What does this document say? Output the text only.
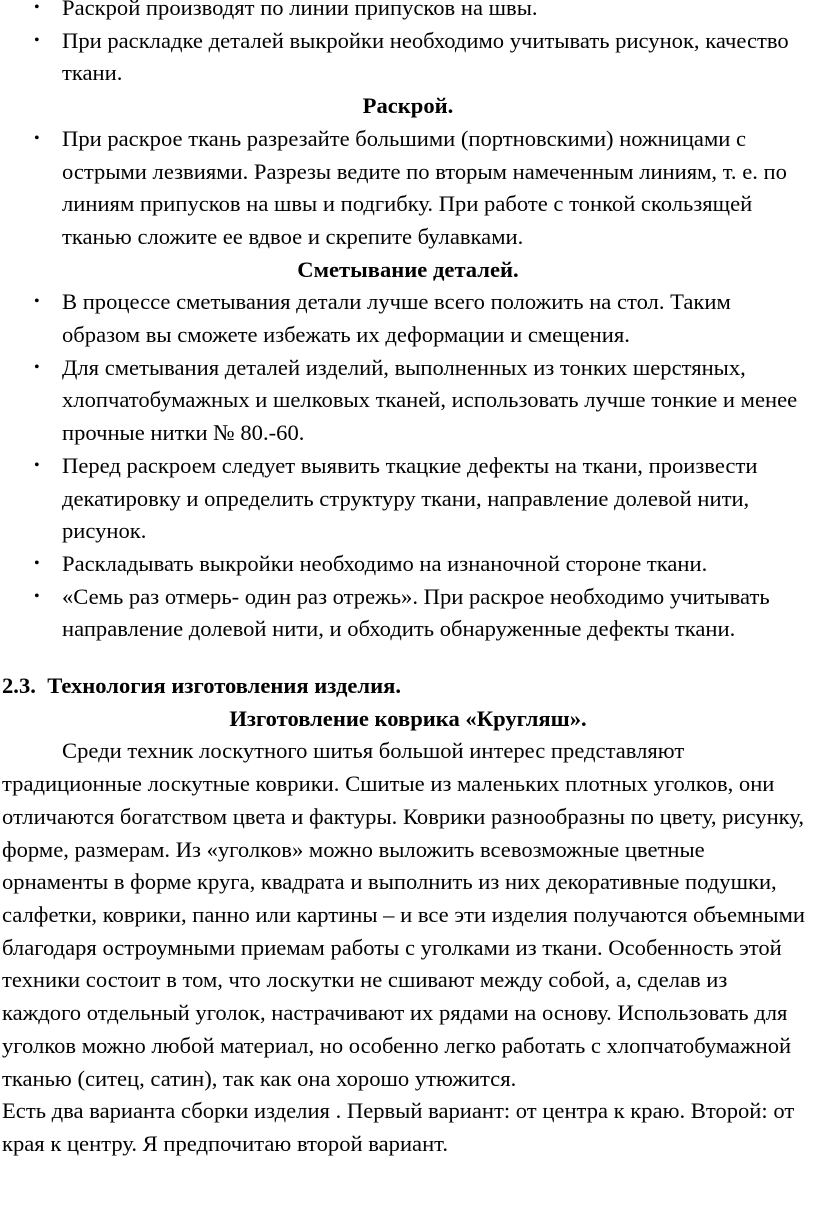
• Раскрой производят по линии припусков на швы.
• При раскладке деталей выкройки необходимо учитывать рисунок, качество ткани.
Раскрой.
• При раскрое ткань разрезайте большими (портновскими) ножницами с острыми лезвиями. Разрезы ведите по вторым намеченным линиям, т. е. по линиям припусков на швы и подгибку. При работе с тонкой скользящей тканью сложите ее вдвое и скрепите булавками.
Сметывание деталей.
• В процессе сметывания детали лучше всего положить на стол. Таким образом вы сможете избежать их деформации и смещения.
• Для сметывания деталей изделий, выполненных из тонких шерстяных, хлопчатобумажных и шелковых тканей, использовать лучше тонкие и менее прочные нитки № 80.-60.
• Перед раскроем следует выявить ткацкие дефекты на ткани, произвести декатировку и определить структуру ткани, направление долевой нити, рисунок.
• Раскладывать выкройки необходимо на изнаночной стороне ткани.
• «Семь раз отмерь- один раз отрежь». При раскрое необходимо учитывать направление долевой нити, и обходить обнаруженные дефекты ткани.
2.3. Технология изготовления изделия.
Изготовление коврика «Кругляш».
Среди техник лоскутного шитья большой интерес представляют традиционные лоскутные коврики. Сшитые из маленьких плотных уголков, они отличаются богатством цвета и фактуры. Коврики разнообразны по цвету, рисунку, форме, размерам. Из «уголков» можно выложить всевозможные цветные орнаменты в форме круга, квадрата и выполнить из них декоративные подушки, салфетки, коврики, панно или картины – и все эти изделия получаются объемными благодаря остроумными приемам работы с уголками из ткани. Особенность этой техники состоит в том, что лоскутки не сшивают между собой, а, сделав из каждого отдельный уголок, настрачивают их рядами на основу. Использовать для уголков можно любой материал, но особенно легко работать с хлопчатобумажной тканью (ситец, сатин), так как она хорошо утюжится.
Есть два варианта сборки изделия . Первый вариант: от центра к краю. Второй: от края к центру. Я предпочитаю второй вариант.
